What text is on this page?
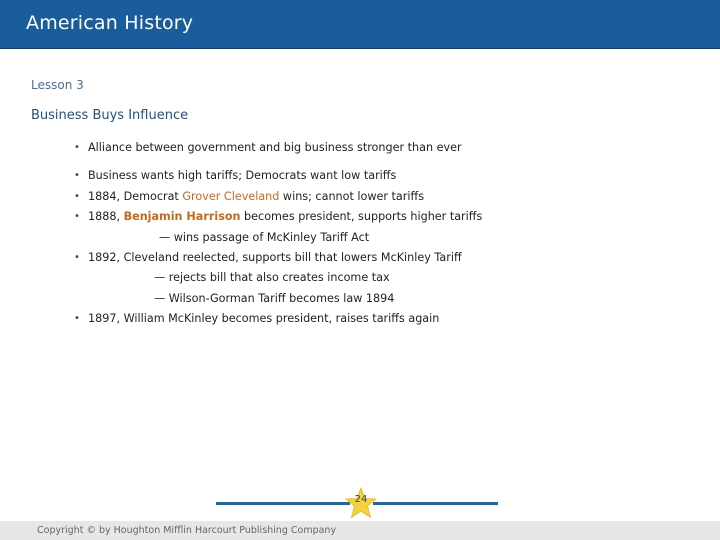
American History
Lesson 3
Business Buys Influence
• Alliance between government and big business stronger than ever
• Business wants high tariffs; Democrats want low tariffs
• 1884, Democrat Grover Cleveland wins; cannot lower tariffs
• 1888, Benjamin Harrison becomes president, supports higher tariffs
— wins passage of McKinley Tariff Act
• 1892, Cleveland reelected, supports bill that lowers McKinley Tariff
— rejects bill that also creates income tax
— Wilson-Gorman Tariff becomes law 1894
• 1897, William McKinley becomes president, raises tariffs again
24
Copyright © by Houghton Mifflin Harcourt Publishing Company
